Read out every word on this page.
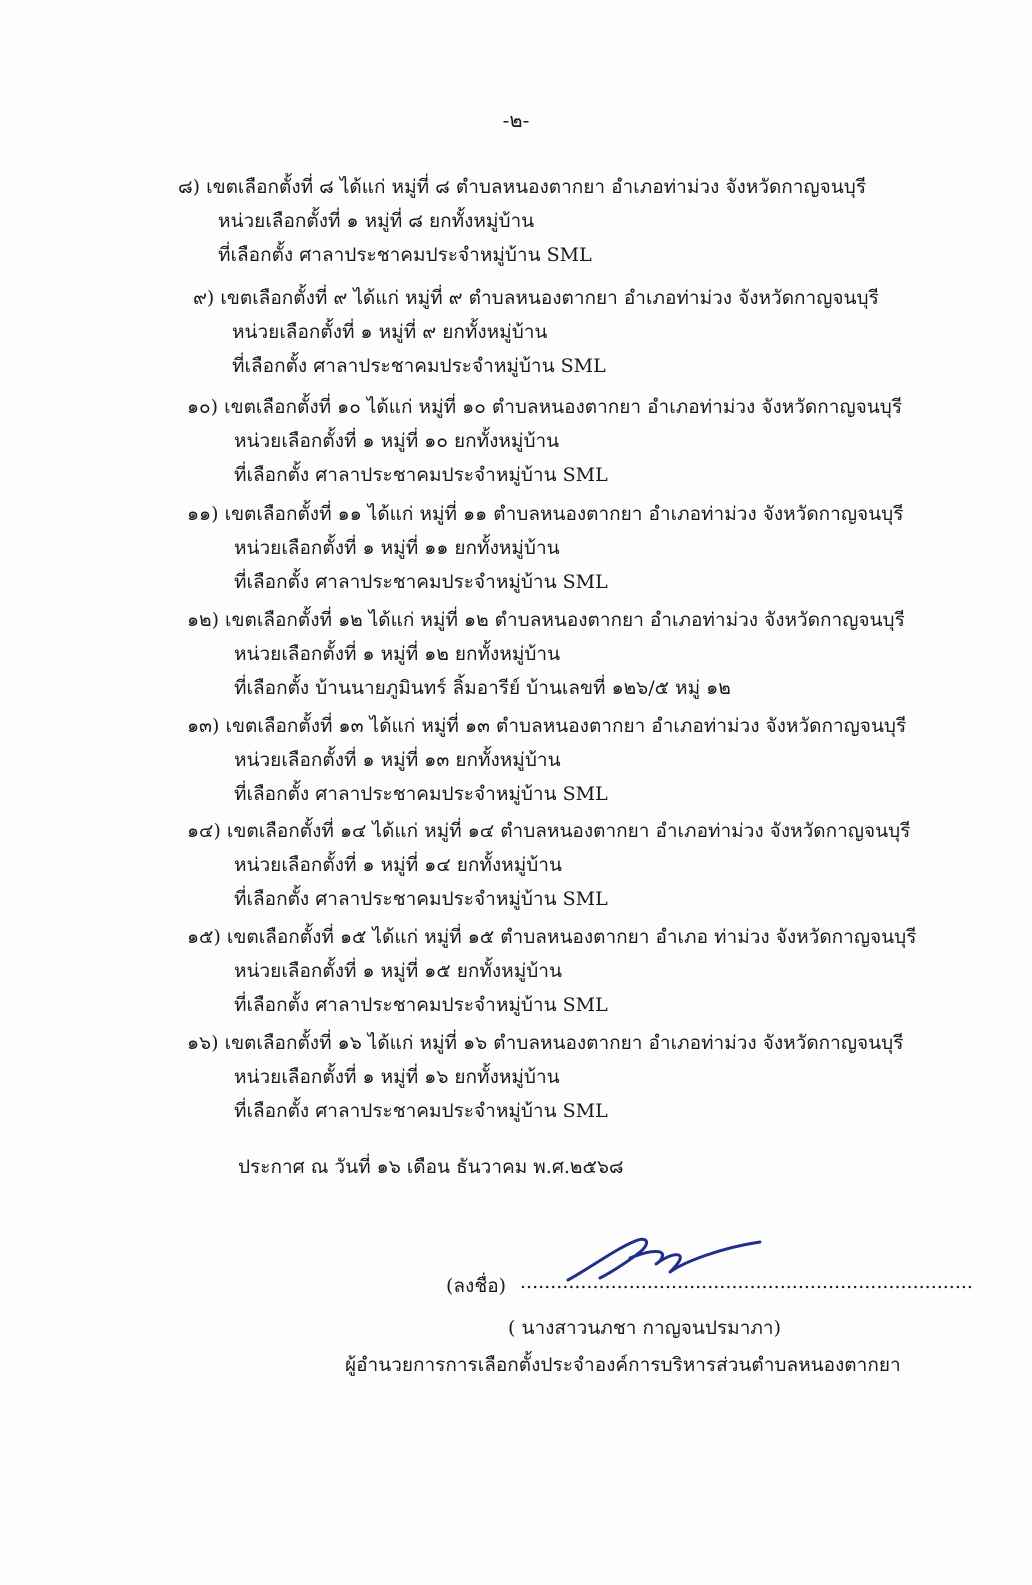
-๒-
๘) เขตเลือกตั้งที่ ๘ ได้แก่ หมู่ที่ ๘ ตำบลหนองตากยา อำเภอท่าม่วง จังหวัดกาญจนบุรี
หน่วยเลือกตั้งที่ ๑ หมู่ที่ ๘ ยกทั้งหมู่บ้าน
ที่เลือกตั้ง ศาลาประชาคมประจำหมู่บ้าน SML
๙) เขตเลือกตั้งที่ ๙ ได้แก่ หมู่ที่ ๙ ตำบลหนองตากยา อำเภอท่าม่วง จังหวัดกาญจนบุรี
หน่วยเลือกตั้งที่ ๑ หมู่ที่ ๙ ยกทั้งหมู่บ้าน
ที่เลือกตั้ง ศาลาประชาคมประจำหมู่บ้าน SML
๑๐) เขตเลือกตั้งที่ ๑๐ ได้แก่ หมู่ที่ ๑๐ ตำบลหนองตากยา อำเภอท่าม่วง จังหวัดกาญจนบุรี
หน่วยเลือกตั้งที่ ๑ หมู่ที่ ๑๐ ยกทั้งหมู่บ้าน
ที่เลือกตั้ง ศาลาประชาคมประจำหมู่บ้าน SML
๑๑) เขตเลือกตั้งที่ ๑๑ ได้แก่ หมู่ที่ ๑๑ ตำบลหนองตากยา อำเภอท่าม่วง จังหวัดกาญจนบุรี
หน่วยเลือกตั้งที่ ๑ หมู่ที่ ๑๑ ยกทั้งหมู่บ้าน
ที่เลือกตั้ง ศาลาประชาคมประจำหมู่บ้าน SML
๑๒) เขตเลือกตั้งที่ ๑๒ ได้แก่ หมู่ที่ ๑๒ ตำบลหนองตากยา อำเภอท่าม่วง จังหวัดกาญจนบุรี
หน่วยเลือกตั้งที่ ๑ หมู่ที่ ๑๒ ยกทั้งหมู่บ้าน
ที่เลือกตั้ง บ้านนายภูมินทร์ ลิ้มอารีย์ บ้านเลขที่ ๑๒๖/๕ หมู่ ๑๒
๑๓) เขตเลือกตั้งที่ ๑๓ ได้แก่ หมู่ที่ ๑๓ ตำบลหนองตากยา อำเภอท่าม่วง จังหวัดกาญจนบุรี
หน่วยเลือกตั้งที่ ๑ หมู่ที่ ๑๓ ยกทั้งหมู่บ้าน
ที่เลือกตั้ง ศาลาประชาคมประจำหมู่บ้าน SML
๑๔) เขตเลือกตั้งที่ ๑๔ ได้แก่ หมู่ที่ ๑๔ ตำบลหนองตากยา อำเภอท่าม่วง จังหวัดกาญจนบุรี
หน่วยเลือกตั้งที่ ๑ หมู่ที่ ๑๔ ยกทั้งหมู่บ้าน
ที่เลือกตั้ง ศาลาประชาคมประจำหมู่บ้าน SML
๑๕) เขตเลือกตั้งที่ ๑๕ ได้แก่ หมู่ที่ ๑๕ ตำบลหนองตากยา อำเภอ ท่าม่วง จังหวัดกาญจนบุรี
หน่วยเลือกตั้งที่ ๑ หมู่ที่ ๑๕ ยกทั้งหมู่บ้าน
ที่เลือกตั้ง ศาลาประชาคมประจำหมู่บ้าน SML
๑๖) เขตเลือกตั้งที่ ๑๖ ได้แก่ หมู่ที่ ๑๖ ตำบลหนองตากยา อำเภอท่าม่วง จังหวัดกาญจนบุรี
หน่วยเลือกตั้งที่ ๑ หมู่ที่ ๑๖ ยกทั้งหมู่บ้าน
ที่เลือกตั้ง ศาลาประชาคมประจำหมู่บ้าน SML
ประกาศ ณ วันที่ ๑๖ เดือน ธันวาคม พ.ศ.๒๕๖๘
(ลงชื่อ) ...........................................................................
( นางสาวนภชา กาญจนปรมาภา)
ผู้อำนวยการการเลือกตั้งประจำองค์การบริหารส่วนตำบลหนองตากยา
